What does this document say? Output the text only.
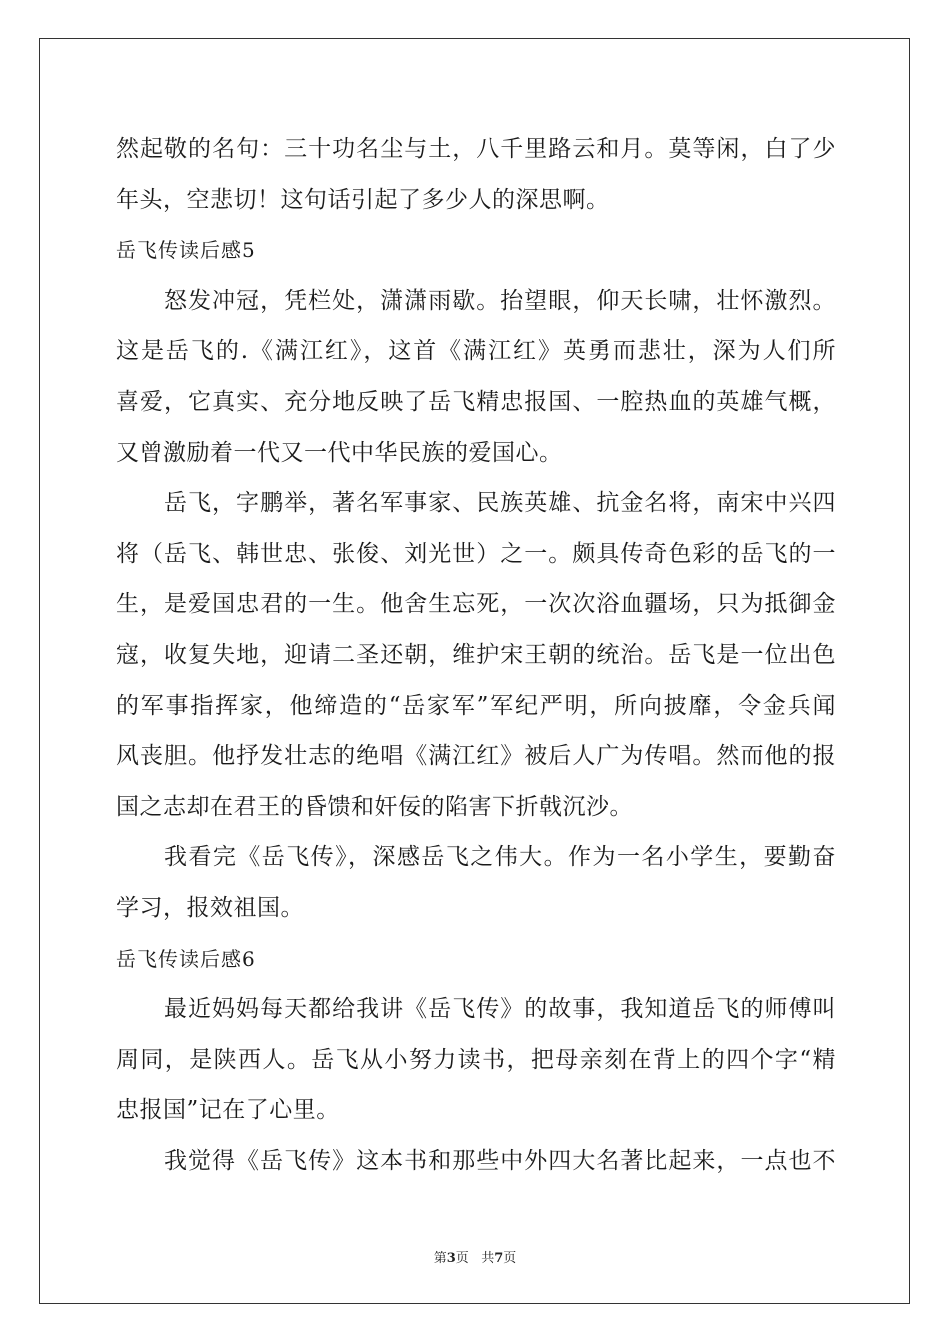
然起敬的名句：三十功名尘与土，八千里路云和月。莫等闲，白了少
年头，空悲切！这句话引起了多少人的深思啊。
岳飞传读后感5
怒发冲冠，凭栏处，潇潇雨歇。抬望眼，仰天长啸，壮怀激烈。
这是岳飞的.《满江红》，这首《满江红》英勇而悲壮，深为人们所
喜爱，它真实、充分地反映了岳飞精忠报国、一腔热血的英雄气概，
又曾激励着一代又一代中华民族的爱国心。
岳飞，字鹏举，著名军事家、民族英雄、抗金名将，南宋中兴四
将（岳飞、韩世忠、张俊、刘光世）之一。颇具传奇色彩的岳飞的一
生，是爱国忠君的一生。他舍生忘死，一次次浴血疆场，只为抵御金
寇，收复失地，迎请二圣还朝，维护宋王朝的统治。岳飞是一位出色
的军事指挥家，他缔造的“岳家军”军纪严明，所向披靡，令金兵闻
风丧胆。他抒发壮志的绝唱《满江红》被后人广为传唱。然而他的报
国之志却在君王的昏馈和奸佞的陷害下折戟沉沙。
我看完《岳飞传》，深感岳飞之伟大。作为一名小学生，要勤奋
学习，报效祖国。
岳飞传读后感6
最近妈妈每天都给我讲《岳飞传》的故事，我知道岳飞的师傅叫
周同，是陕西人。岳飞从小努力读书，把母亲刻在背上的四个字“精
忠报国”记在了心里。
我觉得《岳飞传》这本书和那些中外四大名著比起来，一点也不
第3页 共7页
